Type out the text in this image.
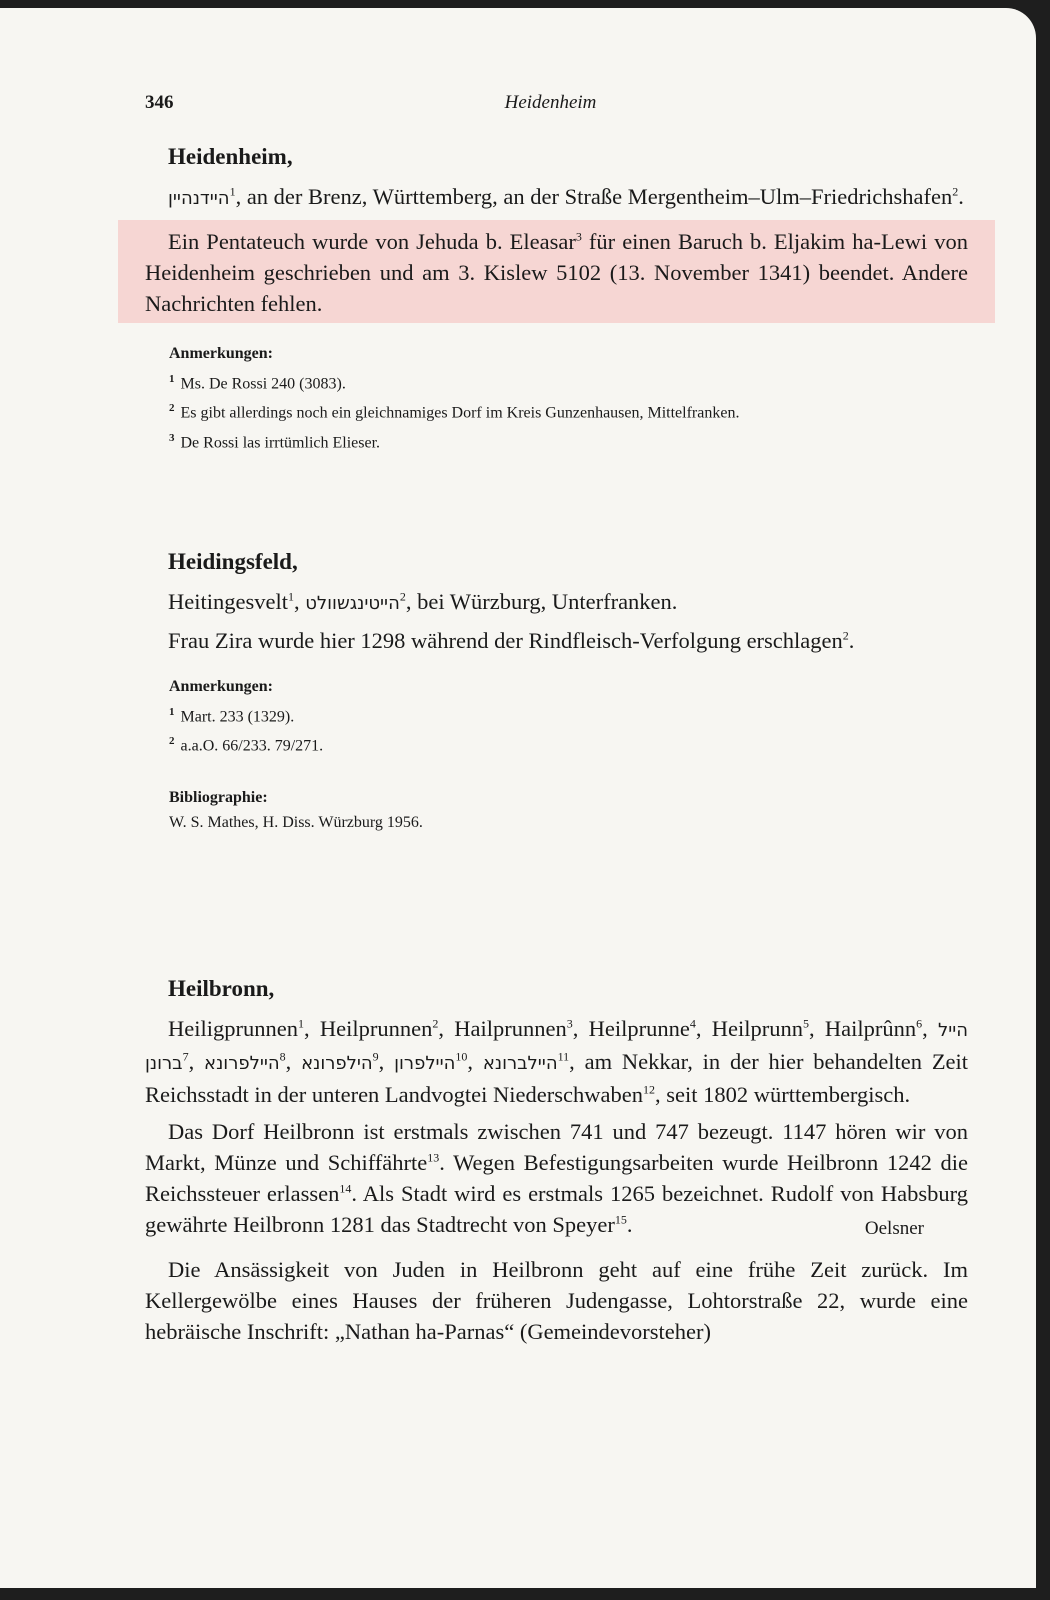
346	Heidenheim
Heidenheim,

היידנהיין$^1$, an der Brenz, Württemberg, an der Straße Mergentheim–Ulm–Friedrichshafen$^2$.

Ein Pentateuch wurde von Jehuda b. Eleasar$^3$ für einen Baruch b. Eljakim ha-Lewi von Heidenheim geschrieben und am 3. Kislew 5102 (13. November 1341) beendet. Andere Nachrichten fehlen.

Anmerkungen:
$^1$ Ms. De Rossi 240 (3083).
$^2$ Es gibt allerdings noch ein gleichnamiges Dorf im Kreis Gunzenhausen, Mittelfranken.
$^3$ De Rossi las irrtümlich Elieser.
Heidingsfeld,

Heitingesvelt$^1$, הייטינגשוולט$^2$, bei Würzburg, Unterfranken.

Frau Zira wurde hier 1298 während der Rindfleisch-Verfolgung erschlagen$^2$.

Anmerkungen:
$^1$ Mart. 233 (1329).
$^2$ a.a.O. 66/233. 79/271.
Bibliographie:
W. S. Mathes, H. Diss. Würzburg 1956.
Heilbronn,

Heiligprunnen$^1$, Heilprunnen$^2$, Hailprunnen$^3$, Heilprunne$^4$, Heilprunn$^5$, Hailprûnn$^6$, הייל​ברונן$^7$, הייל​פרונא$^8$, היל​פרונא$^9$, הייל​פרון$^{10}$, הייל​ברונא$^{11}$, am Nekkar, in der hier behandelten Zeit Reichsstadt in der unteren Landvogtei Niederschwaben$^{12}$, seit 1802 württembergisch.

Das Dorf Heilbronn ist erstmals zwischen 741 und 747 bezeugt. 1147 hören wir von Markt, Münze und Schiffährte$^{13}$. Wegen Befestigungsarbeiten wurde Heilbronn 1242 die Reichssteuer erlassen$^{14}$. Als Stadt wird es erstmals 1265 bezeichnet. Rudolf von Habsburg gewährte Heilbronn 1281 das Stadtrecht von Speyer$^{15}$.	Oelsner

Die Ansässigkeit von Juden in Heilbronn geht auf eine frühe Zeit zurück. Im Kellergewölbe eines Hauses der früheren Judengasse, Lohtorstraße 22, wurde eine hebräische Inschrift: „Nathan ha-Parnas“ (Gemeindevorsteher)
